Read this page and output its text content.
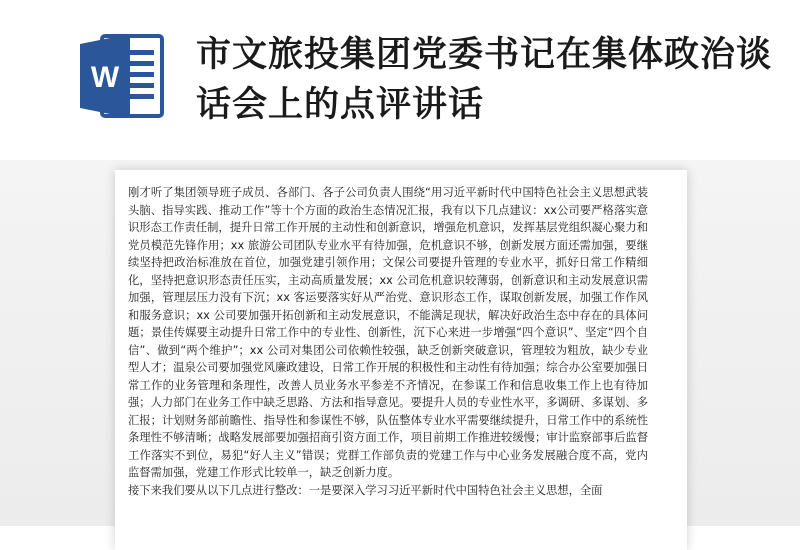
W
市文旅投集团党委书记在集体政治谈话会上的点评讲话

刚才听了集团领导班子成员、各部门、各子公司负责人围绕“用习近平新时代中国特色社会主义思想武装头脑、指导实践、推动工作”等十个方面的政治生态情况汇报，我有以下几点建议：xx公司要严格落实意识形态工作责任制，提升日常工作开展的主动性和创新意识，增强危机意识，发挥基层党组织凝心聚力和党员模范先锋作用；xx 旅游公司团队专业水平有待加强，危机意识不够，创新发展方面还需加强，要继续坚持把政治标准放在首位，加强党建引领作用；文保公司要提升管理的专业水平，抓好日常工作精细化，坚持把意识形态责任压实，主动高质量发展；xx 公司危机意识较薄弱，创新意识和主动发展意识需加强，管理层压力没有下沉；xx 客运要落实好从严治党、意识形态工作，谋取创新发展，加强工作作风和服务意识；xx 公司要加强开拓创新和主动发展意识，不能满足现状，解决好政治生态中存在的具体问题；景佳传媒要主动提升日常工作中的专业性、创新性，沉下心来进一步增强“四个意识”、坚定“四个自信”、做到“两个维护”；xx 公司对集团公司依赖性较强，缺乏创新突破意识，管理较为粗放，缺少专业型人才；温泉公司要加强党风廉政建设，日常工作开展的积极性和主动性有待加强；综合办公室要加强日常工作的业务管理和条理性，改善人员业务水平参差不齐情况，在参谋工作和信息收集工作上也有待加强；人力部门在业务工作中缺乏思路、方法和指导意见。要提升人员的专业性水平，多调研、多谋划、多汇报；计划财务部前瞻性、指导性和参谋性不够，队伍整体专业水平需要继续提升，日常工作中的系统性条理性不够清晰；战略发展部要加强招商引资方面工作，项目前期工作推进较缓慢；审计监察部事后监督工作落实不到位，易犯“好人主义”错误；党群工作部负责的党建工作与中心业务发展融合度不高，党内监督需加强，党建工作形式比较单一，缺乏创新力度。

接下来我们要从以下几点进行整改：一是要深入学习习近平新时代中国特色社会主义思想，全面
